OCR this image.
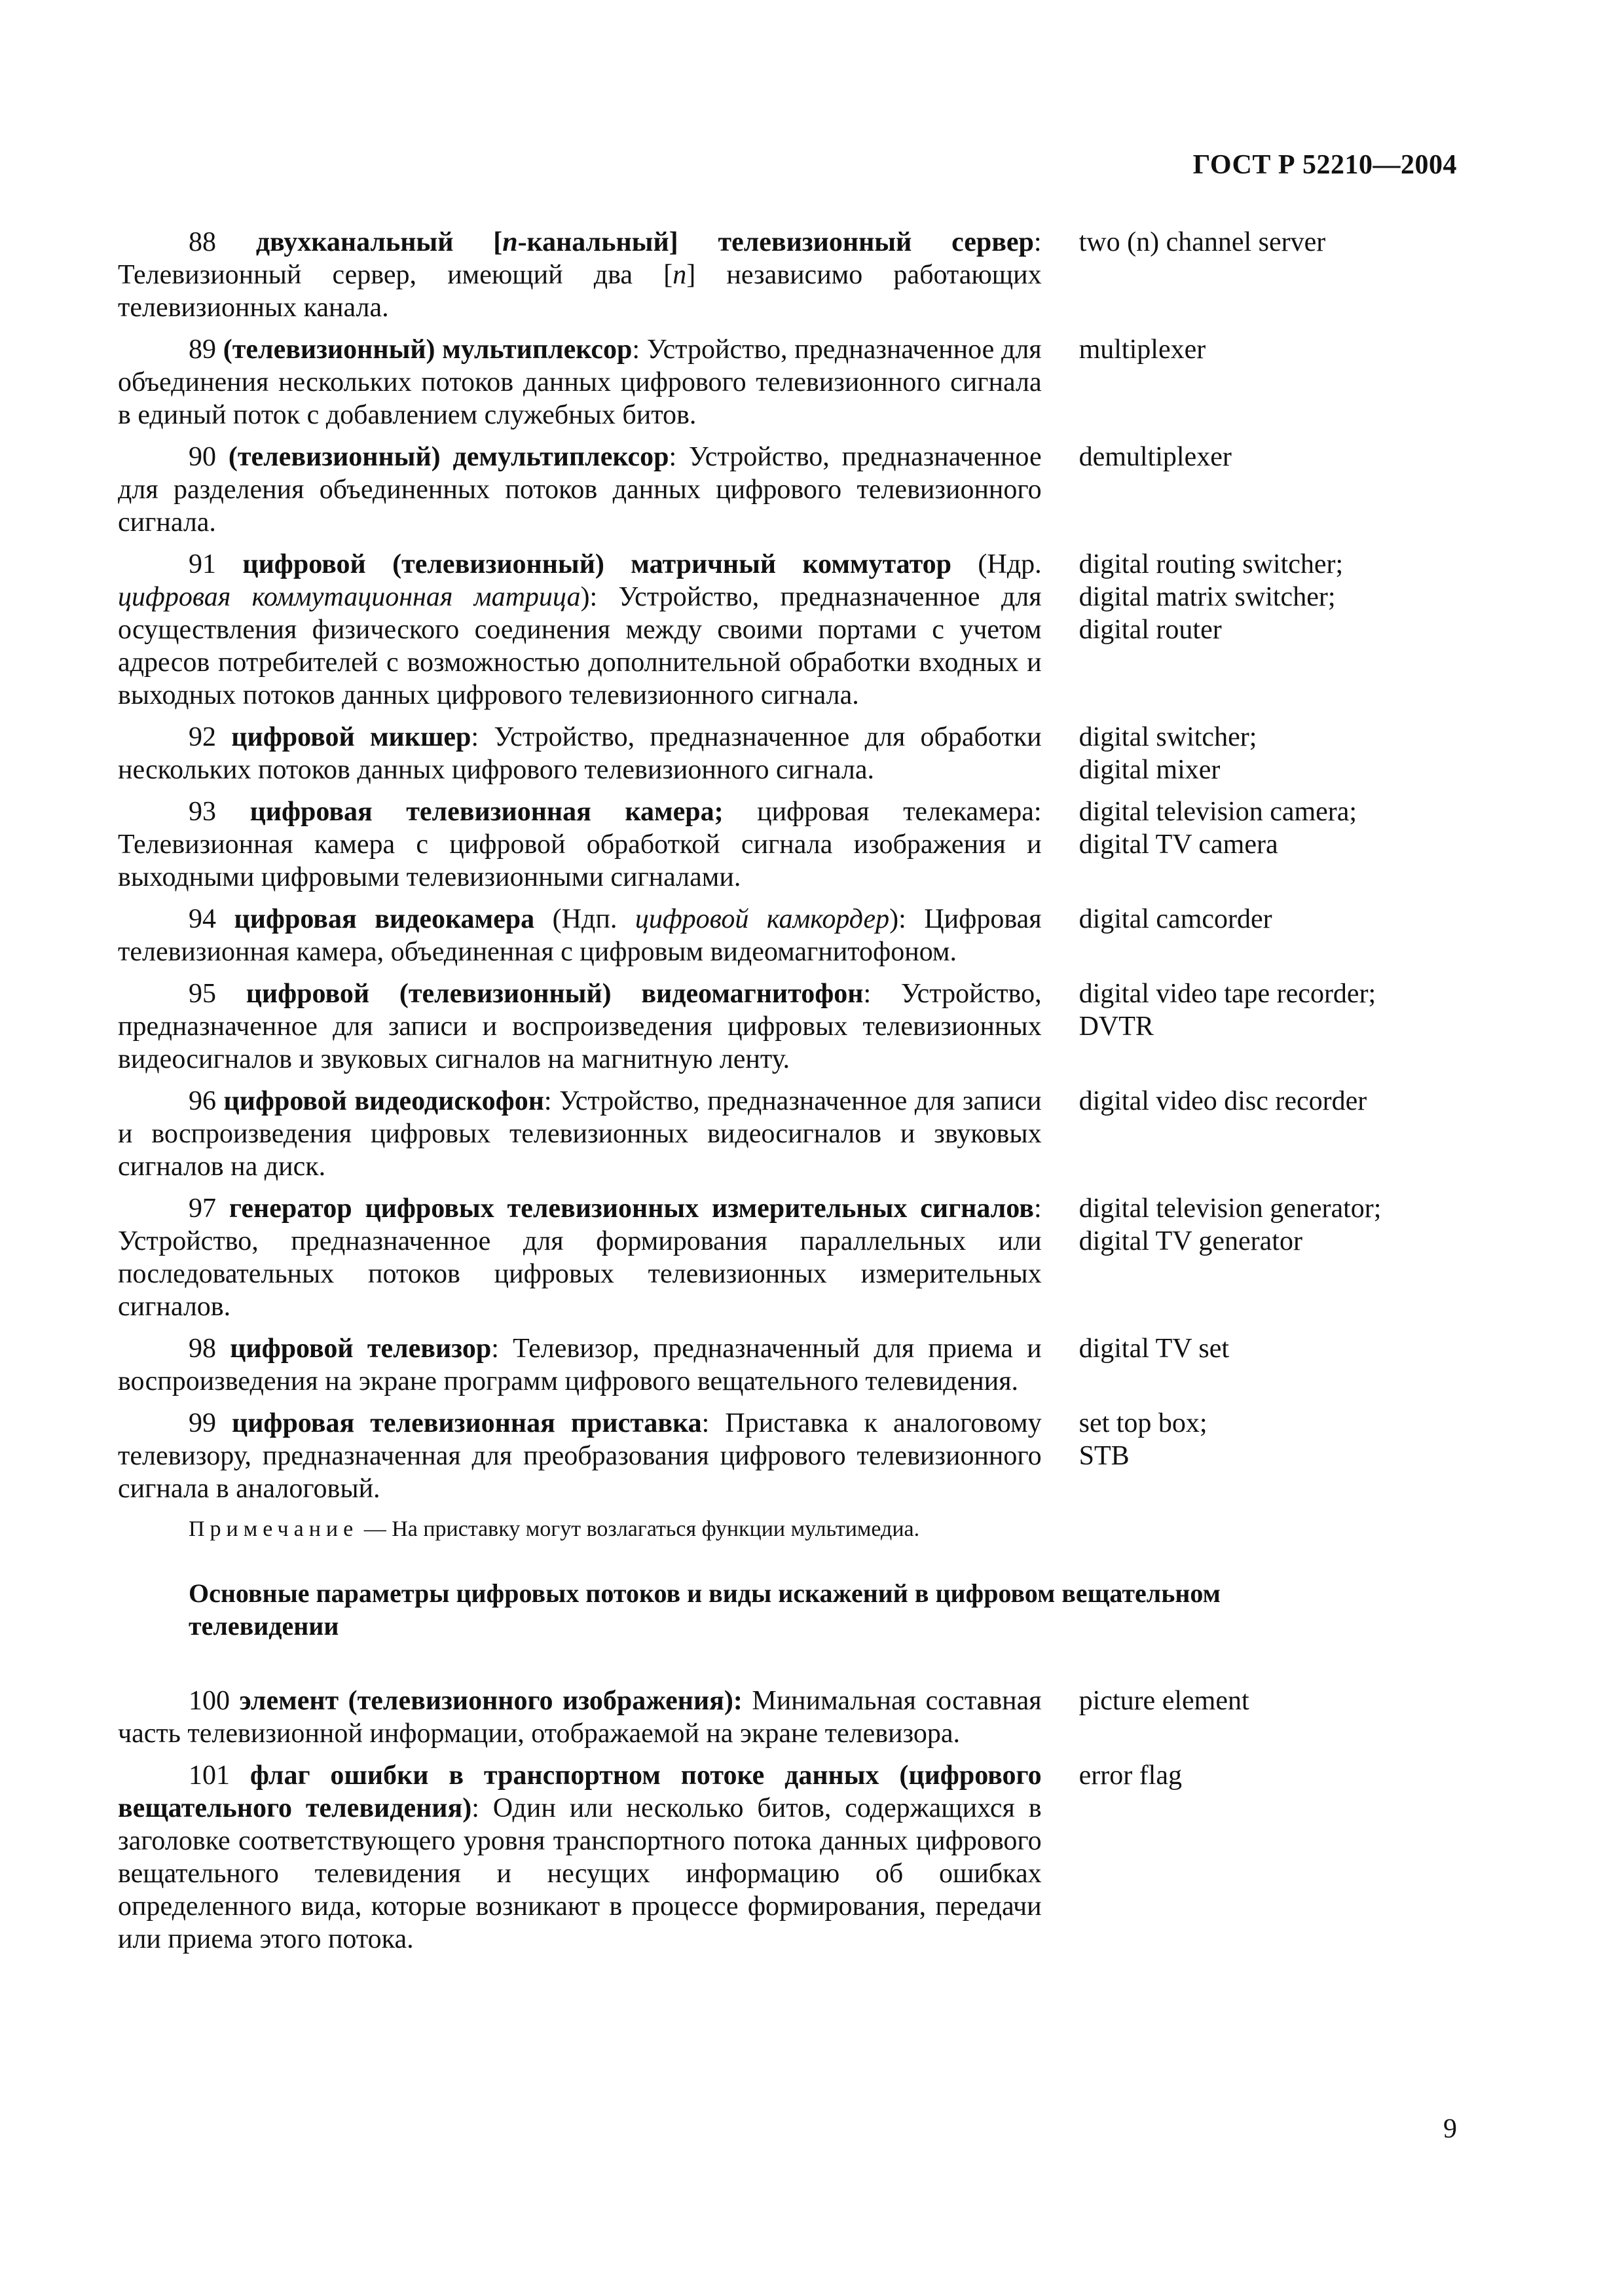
ГОСТ Р 52210—2004
88 двухканальный [n-канальный] телевизионный сервер: Телевизионный сервер, имеющий два [n] независимо работающих телевизионных канала.
two (n) channel server
89 (телевизионный) мультиплексор: Устройство, предназначенное для объединения нескольких потоков данных цифрового телевизионного сигнала в единый поток с добавлением служебных битов.
multiplexer
90 (телевизионный) демультиплексор: Устройство, предназначенное для разделения объединенных потоков данных цифрового телевизионного сигнала.
demultiplexer
91 цифровой (телевизионный) матричный коммутатор (Ндр. цифровая коммутационная матрица): Устройство, предназначенное для осуществления физического соединения между своими портами с учетом адресов потребителей с возможностью дополнительной обработки входных и выходных потоков данных цифрового телевизионного сигнала.
digital routing switcher;
digital matrix switcher;
digital router
92 цифровой микшер: Устройство, предназначенное для обработки нескольких потоков данных цифрового телевизионного сигнала.
digital switcher;
digital mixer
93 цифровая телевизионная камера; цифровая телекамера: Телевизионная камера с цифровой обработкой сигнала изображения и выходными цифровыми телевизионными сигналами.
digital television camera;
digital TV camera
94 цифровая видеокамера (Ндп. цифровой камкордер): Цифровая телевизионная камера, объединенная с цифровым видеомагнитофоном.
digital camcorder
95 цифровой (телевизионный) видеомагнитофон: Устройство, предназначенное для записи и воспроизведения цифровых телевизионных видеосигналов и звуковых сигналов на магнитную ленту.
digital video tape recorder;
DVTR
96 цифровой видеодискофон: Устройство, предназначенное для записи и воспроизведения цифровых телевизионных видеосигналов и звуковых сигналов на диск.
digital video disc recorder
97 генератор цифровых телевизионных измерительных сигналов: Устройство, предназначенное для формирования параллельных или последовательных потоков цифровых телевизионных измерительных сигналов.
digital television generator;
digital TV generator
98 цифровой телевизор: Телевизор, предназначенный для приема и воспроизведения на экране программ цифрового вещательного телевидения.
digital TV set
99 цифровая телевизионная приставка: Приставка к аналоговому телевизору, предназначенная для преобразования цифрового телевизионного сигнала в аналоговый.
set top box;
STB
Примечание — На приставку могут возлагаться функции мультимедиа.
Основные параметры цифровых потоков и виды искажений в цифровом вещательном
телевидении
100 элемент (телевизионного изображения): Минимальная составная часть телевизионной информации, отображаемой на экране телевизора.
picture element
101 флаг ошибки в транспортном потоке данных (цифрового вещательного телевидения): Один или несколько битов, содержащихся в заголовке соответствующего уровня транспортного потока данных цифрового вещательного телевидения и несущих информацию об ошибках определенного вида, которые возникают в процессе формирования, передачи или приема этого потока.
error flag
9
